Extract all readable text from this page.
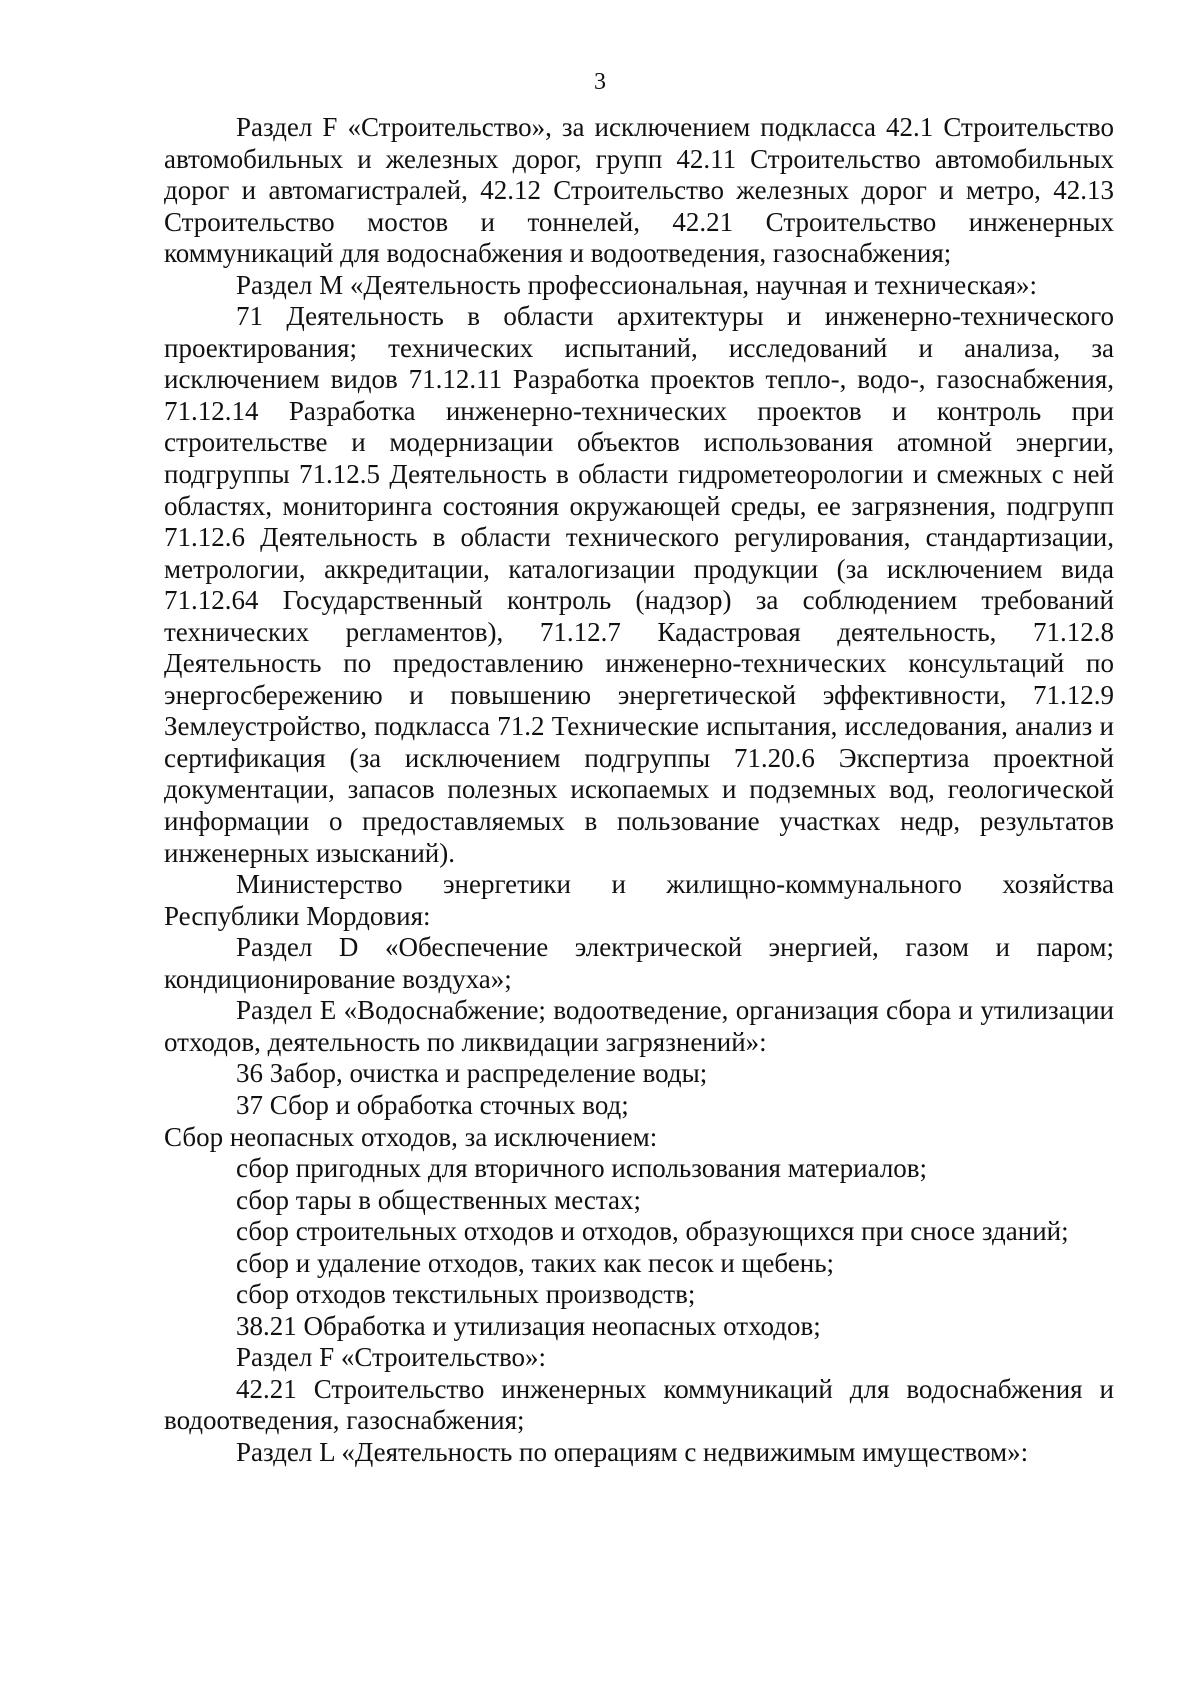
3

Раздел F «Строительство», за исключением подкласса 42.1 Строительство автомобильных и железных дорог, групп 42.11 Строительство автомобильных дорог и автомагистралей, 42.12 Строительство железных дорог и метро, 42.13 Строительство мостов и тоннелей, 42.21 Строительство инженерных коммуникаций для водоснабжения и водоотведения, газоснабжения;

Раздел М «Деятельность профессиональная, научная и техническая»:

71 Деятельность в области архитектуры и инженерно-технического проектирования; технических испытаний, исследований и анализа, за исключением видов 71.12.11 Разработка проектов тепло-, водо-, газоснабжения, 71.12.14 Разработка инженерно-технических проектов и контроль при строительстве и модернизации объектов использования атомной энергии, подгруппы 71.12.5 Деятельность в области гидрометеорологии и смежных с ней областях, мониторинга состояния окружающей среды, ее загрязнения, подгрупп 71.12.6 Деятельность в области технического регулирования, стандартизации, метрологии, аккредитации, каталогизации продукции (за исключением вида 71.12.64 Государственный контроль (надзор) за соблюдением требований технических регламентов), 71.12.7 Кадастровая деятельность, 71.12.8 Деятельность по предоставлению инженерно-технических консультаций по энергосбережению и повышению энергетической эффективности, 71.12.9 Землеустройство, подкласса 71.2 Технические испытания, исследования, анализ и сертификация (за исключением подгруппы 71.20.6 Экспертиза проектной документации, запасов полезных ископаемых и подземных вод, геологической информации о предоставляемых в пользование участках недр, результатов инженерных изысканий).

Министерство энергетики и жилищно-коммунального хозяйства Республики Мордовия:

Раздел D «Обеспечение электрической энергией, газом и паром; кондиционирование воздуха»;

Раздел Е «Водоснабжение; водоотведение, организация сбора и утилизации отходов, деятельность по ликвидации загрязнений»:

36 Забор, очистка и распределение воды;

37 Сбор и обработка сточных вод;

Сбор неопасных отходов, за исключением:

сбор пригодных для вторичного использования материалов;

сбор тары в общественных местах;

сбор строительных отходов и отходов, образующихся при сносе зданий;

сбор и удаление отходов, таких как песок и щебень;

сбор отходов текстильных производств;

38.21 Обработка и утилизация неопасных отходов;

Раздел F «Строительство»:

42.21 Строительство инженерных коммуникаций для водоснабжения и водоотведения, газоснабжения;

Раздел L «Деятельность по операциям с недвижимым имуществом»:
